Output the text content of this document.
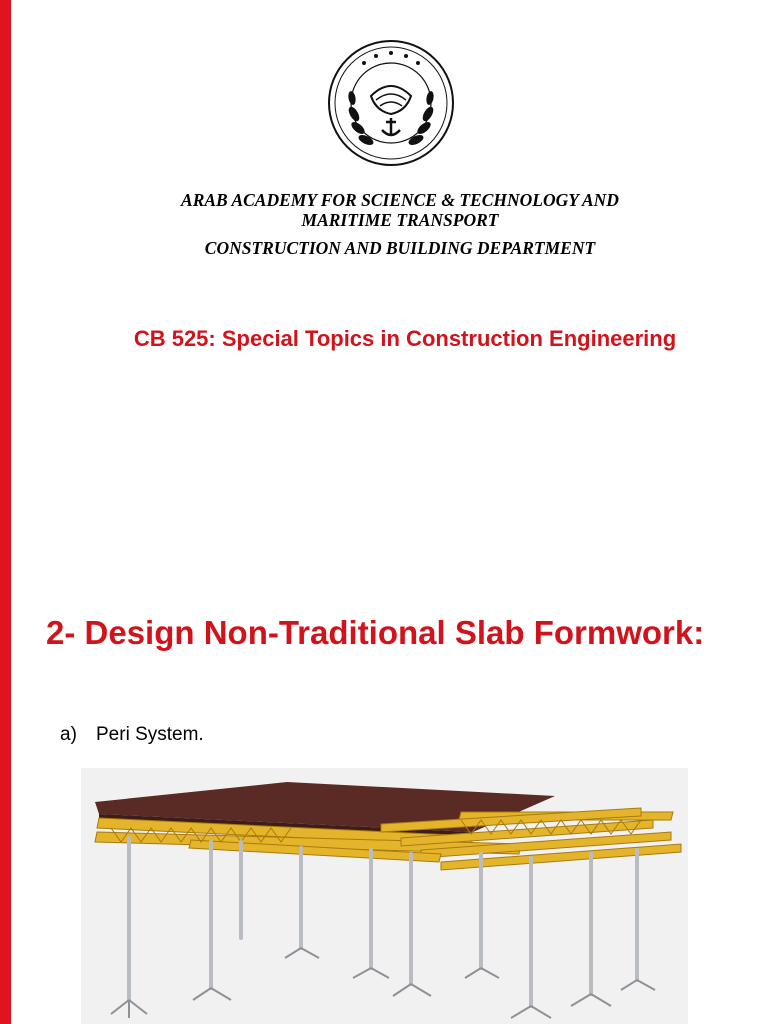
ARAB ACADEMY FOR SCIENCE & TECHNOLOGY AND
MARITIME TRANSPORT
CONSTRUCTION AND BUILDING DEPARTMENT
CB 525: Special Topics in Construction Engineering
2- Design Non-Traditional Slab Formwork:
a) Peri System.
